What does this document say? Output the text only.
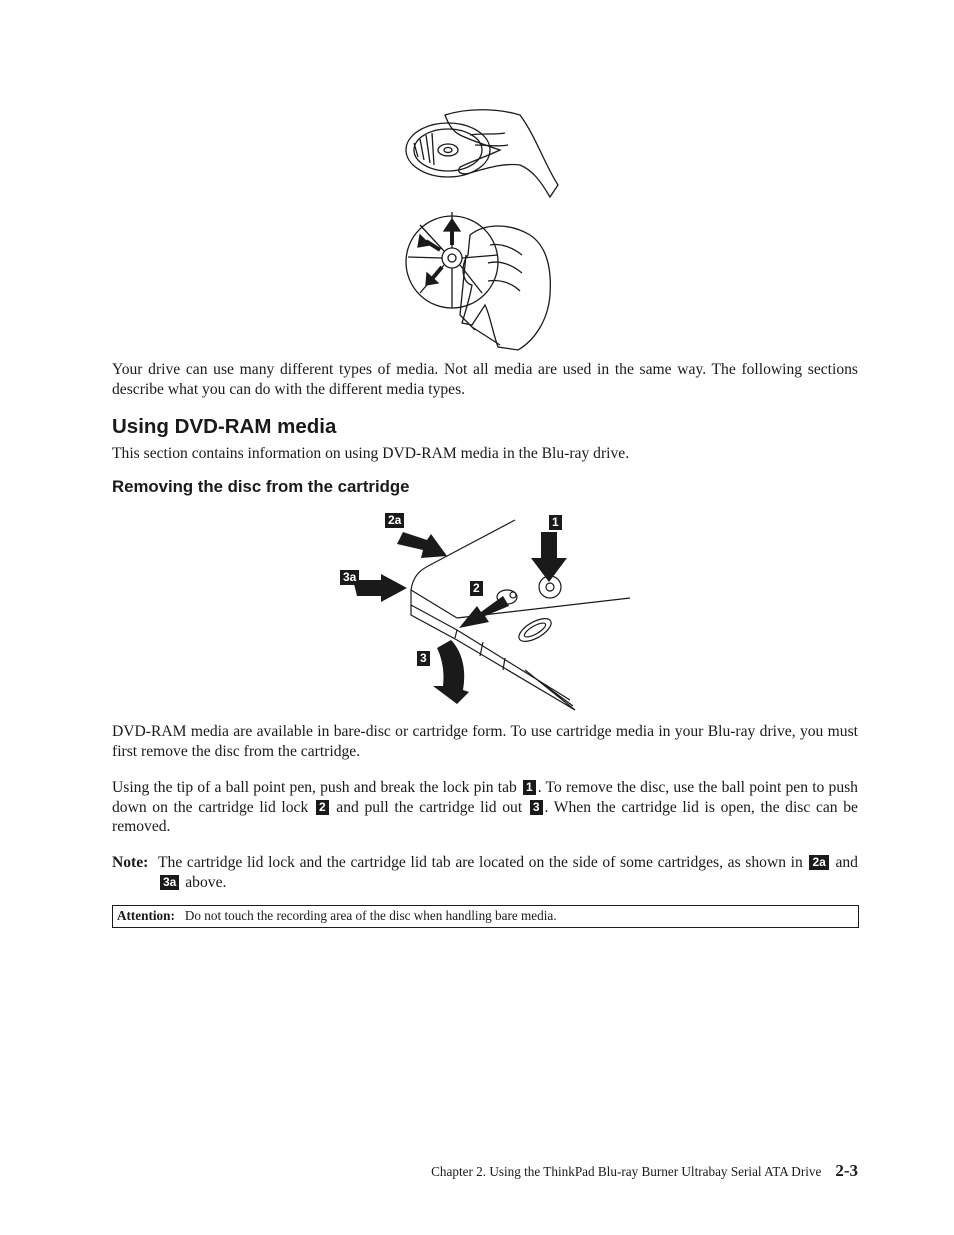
Your drive can use many different types of media. Not all media are used in the same way. The following sections describe what you can do with the different media types.

Using DVD-RAM media

This section contains information on using DVD-RAM media in the Blu-ray drive.

Removing the disc from the cartridge
2a	1
3a
2
3

DVD-RAM media are available in bare-disc or cartridge form. To use cartridge media in your Blu-ray drive, you must first remove the disc from the cartridge.

Using the tip of a ball point pen, push and break the lock pin tab 1 . To remove the disc, use the ball point pen to push down on the cartridge lid lock 2 and pull the cartridge lid out 3 . When the cartridge lid is open, the disc can be removed.

Note: The cartridge lid lock and the cartridge lid tab are located on the side of some cartridges, as shown in 2a and 3a above.
Attention: Do not touch the recording area of the disc when handling bare media.
Chapter 2. Using the ThinkPad Blu-ray Burner Ultrabay Serial ATA Drive 2-3
